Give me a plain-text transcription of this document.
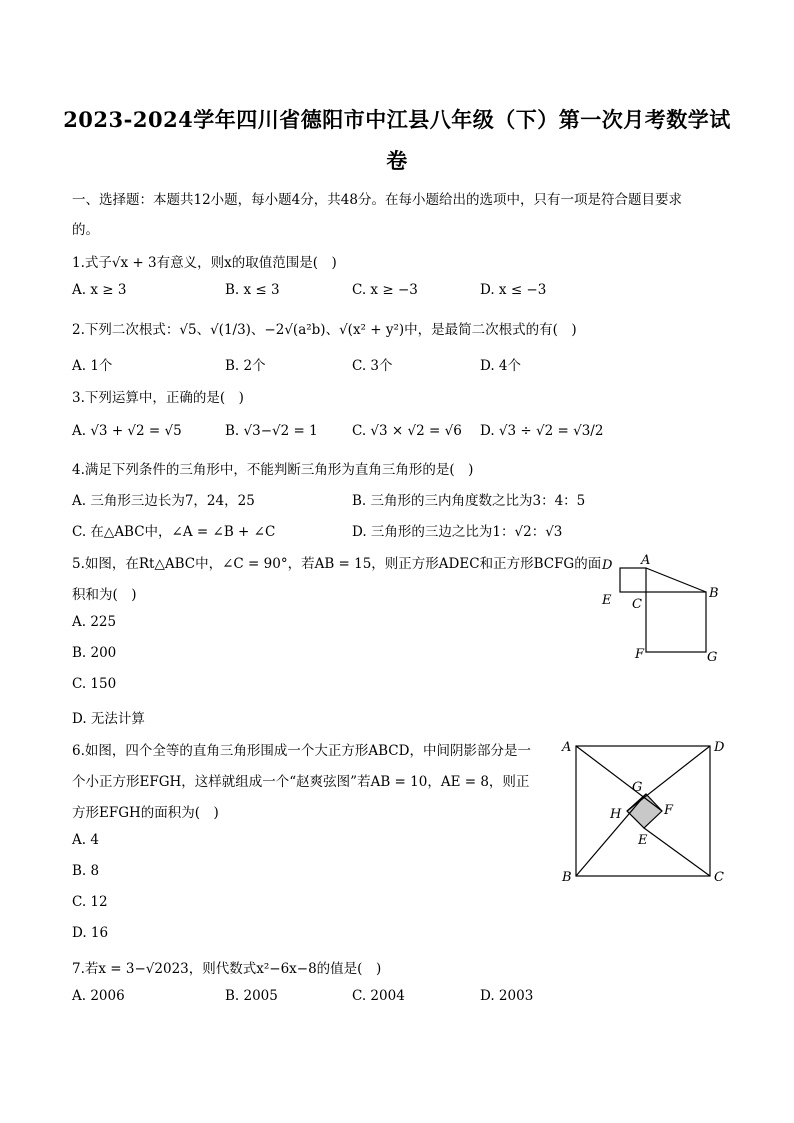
2023-2024学年四川省德阳市中江县八年级（下）第一次月考数学试
卷
一、选择题：本题共12小题，每小题4分，共48分。在每小题给出的选项中，只有一项是符合题目要求
的。
1.式子√x + 3有意义，则x的取值范围是(　)
A. x ≥ 3	B. x ≤ 3	C. x ≥ −3	D. x ≤ −3
2.下列二次根式：√5、√(1/3)、−2√(a²b)、√(x² + y²)中，是最简二次根式的有(　)
A. 1个	B. 2个	C. 3个	D. 4个
3.下列运算中，正确的是(　)
A. √3 + √2 = √5	B. √3−√2 = 1	C. √3 × √2 = √6 D. √3 ÷ √2 = √3/2
4.满足下列条件的三角形中，不能判断三角形为直角三角形的是(　)
A. 三角形三边长为7，24，25	B. 三角形的三内角度数之比为3：4：5
C. 在△ABC中，∠A = ∠B + ∠C	D. 三角形的三边之比为1：√2：√3
5.如图，在Rt△ABC中，∠C = 90°，若AB = 15，则正方形ADEC和正方形BCFG的面
积和为(　)
A. 225
B. 200
C. 150
D. 无法计算
D A
E C
B
F	G
6.如图，四个全等的直角三角形围成一个大正方形ABCD，中间阴影部分是一
个小正方形EFGH，这样就组成一个“赵爽弦图”若AB = 10，AE = 8，则正
方形EFGH的面积为(　)
A. 4
B. 8
C. 12
D. 16
A	D
G
H	F
E
B	C
7.若x = 3−√2023，则代数式x²−6x−8的值是(　)
A. 2006	B. 2005	C. 2004	D. 2003
